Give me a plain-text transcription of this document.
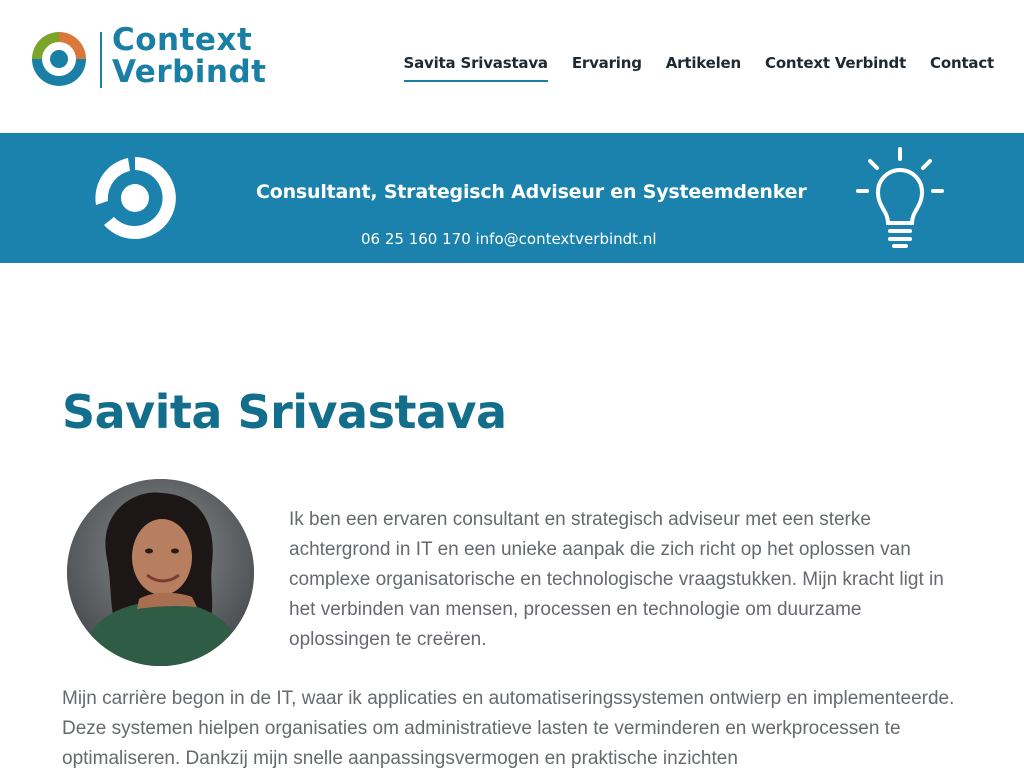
Context
Verbindt	Savita Srivastava Ervaring Artikelen Context Verbindt Contact
Consultant, Strategisch Adviseur en Systeemdenker
06 25 160 170 info@contextverbindt.nl
Savita Srivastava

Ik ben een ervaren consultant en strategisch adviseur met een sterke achtergrond in IT en een unieke aanpak die zich richt op het oplossen van complexe organisatorische en technologische vraagstukken. Mijn kracht ligt in het verbinden van mensen, processen en technologie om duurzame oplossingen te creëren.

Mijn carrière begon in de IT, waar ik applicaties en automatiseringssystemen ontwierp en implementeerde. Deze systemen hielpen organisaties om administratieve lasten te verminderen en werkprocessen te optimaliseren. Dankzij mijn snelle aanpassingsvermogen en praktische inzichten
